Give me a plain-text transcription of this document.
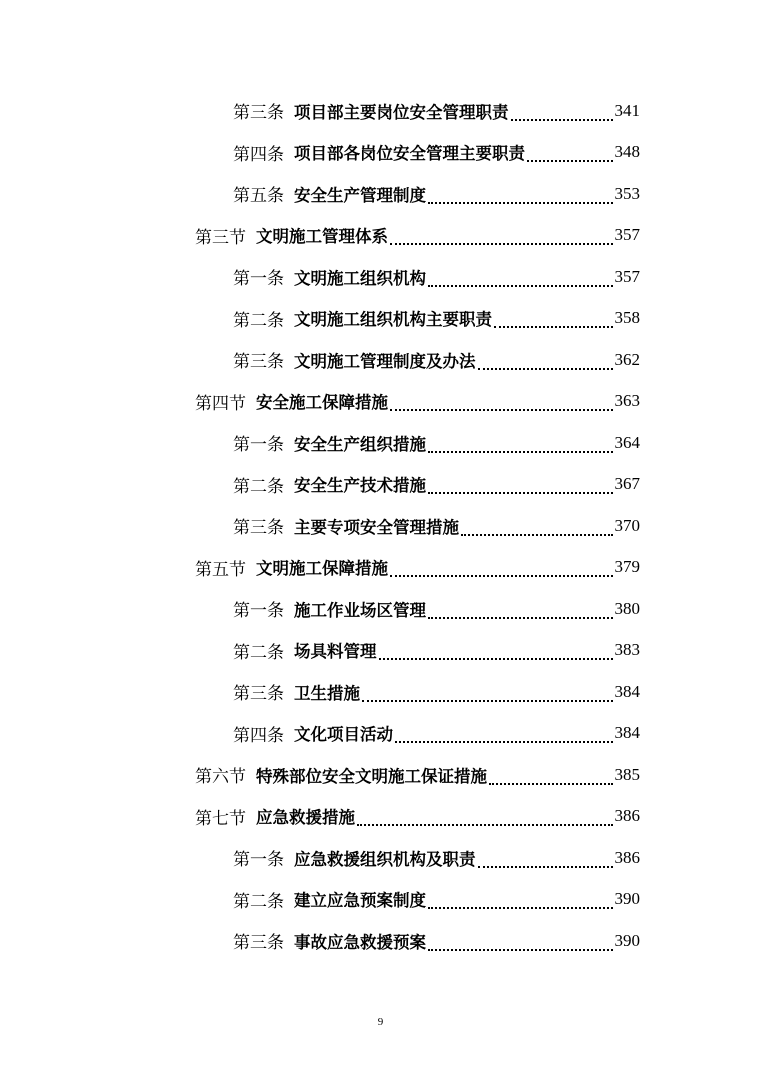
第三条 项目部主要岗位安全管理职责	341
第四条 项目部各岗位安全管理主要职责	348
第五条 安全生产管理制度	353
第三节 文明施工管理体系	357
第一条 文明施工组织机构	357
第二条 文明施工组织机构主要职责	358
第三条 文明施工管理制度及办法	362
第四节 安全施工保障措施	363
第一条 安全生产组织措施	364
第二条 安全生产技术措施	367
第三条 主要专项安全管理措施	370
第五节 文明施工保障措施	379
第一条 施工作业场区管理	380
第二条 场具料管理	383
第三条 卫生措施	384
第四条 文化项目活动	384
第六节 特殊部位安全文明施工保证措施	385
第七节 应急救援措施	386
第一条 应急救援组织机构及职责	386
第二条 建立应急预案制度	390
第三条 事故应急救援预案	390
9
